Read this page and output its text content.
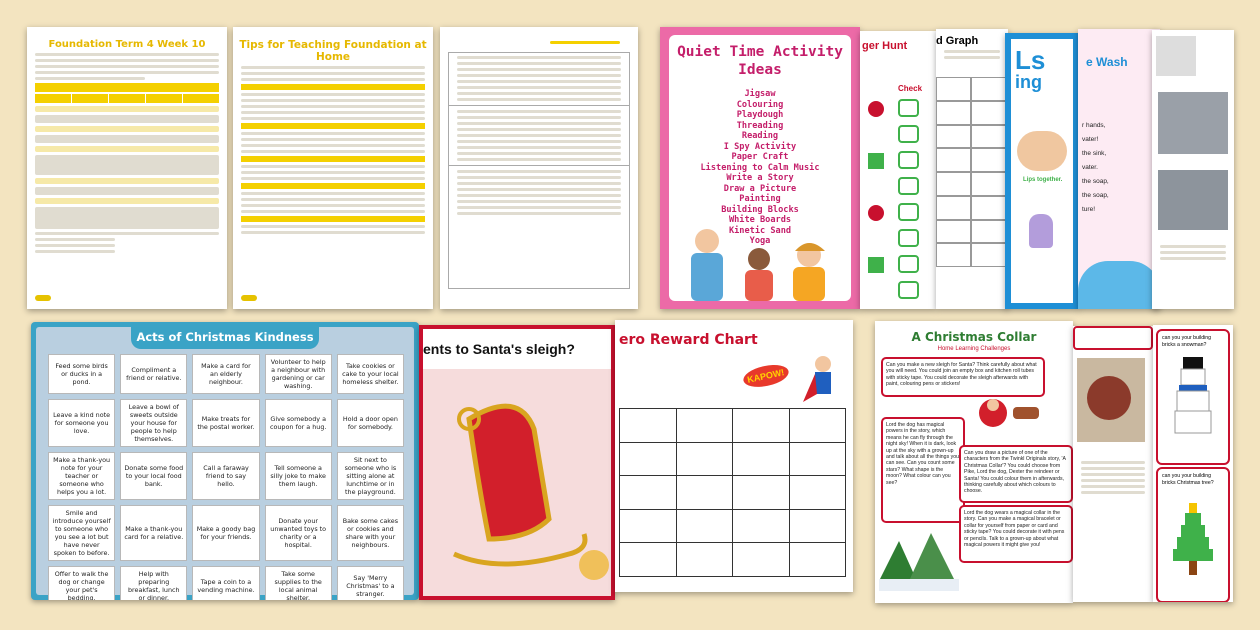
Foundation Term 4 Week 10	Tips for Teaching Foundation at Home	Quiet Time Activity Ideas
Jigsaw
Colouring
Playdough
Threading
Reading
I Spy Activity
Paper Craft
Listening to Calm Music
Write a Story
Draw a Picture
Painting
Building Blocks
White Boards
Kinetic Sand
Yoga
ger Hunt
Check
d Graph
Ls
ing
Lips together.
e Wash
r hands,
vater!
the sink,
vater.
the soap,
the soap,
ture!
Acts of Christmas Kindness
Feed some birds or ducks in a pond.
Compliment a friend or relative.
Make a card for an elderly neighbour.
Volunteer to help a neighbour with gardening or car washing.
Take cookies or cake to your local homeless shelter.
Leave a kind note for someone you love.
Leave a bowl of sweets outside your house for people to help themselves.
Make treats for the postal worker.
Give somebody a coupon for a hug.
Hold a door open for somebody.
Make a thank-you note for your teacher or someone who helps you a lot.
Donate some food to your local food bank.
Call a faraway friend to say hello.
Tell someone a silly joke to make them laugh.
Sit next to someone who is sitting alone at lunchtime or in the playground.
Smile and introduce yourself to someone who you see a lot but have never spoken to before.
Make a thank-you card for a relative.
Make a goody bag for your friends.
Donate your unwanted toys to charity or a hospital.
Bake some cakes or cookies and share with your neighbours.
Offer to walk the dog or change your pet's bedding.
Help with preparing breakfast, lunch or dinner.
Tape a coin to a vending machine.
Take some supplies to the local animal shelter.
Say 'Merry Christmas' to a stranger.
ents to Santa's sleigh?
ero Reward Chart
KAPOW!
A Christmas Collar
Home Learning Challenges
Can you make a new sleigh for Santa? Think carefully about what you will need. You could join an empty box and kitchen roll tubes with sticky tape. You could decorate the sleigh afterwards with paint, colouring pens or stickers!
Lord the dog has magical powers in the story, which means he can fly through the night sky! When it is dark, look up at the sky with a grown-up and talk about all the things you can see. Can you count some stars? What shape is the moon? What colour can you see?
Can you draw a picture of one of the characters from the Twinkl Originals story, 'A Christmas Collar'? You could choose from Pike, Lord the dog, Dexter the reindeer or Santa! You could colour them in afterwards, thinking carefully about which colours to choose.
Lord the dog wears a magical collar in the story. Can you make a magical bracelet or collar for yourself from paper or card and sticky tape? You could decorate it with pens or pencils. Talk to a grown-up about what magical powers it might give you!
can you your building bricks a snowman?
can you your building bricks Christmas tree?
